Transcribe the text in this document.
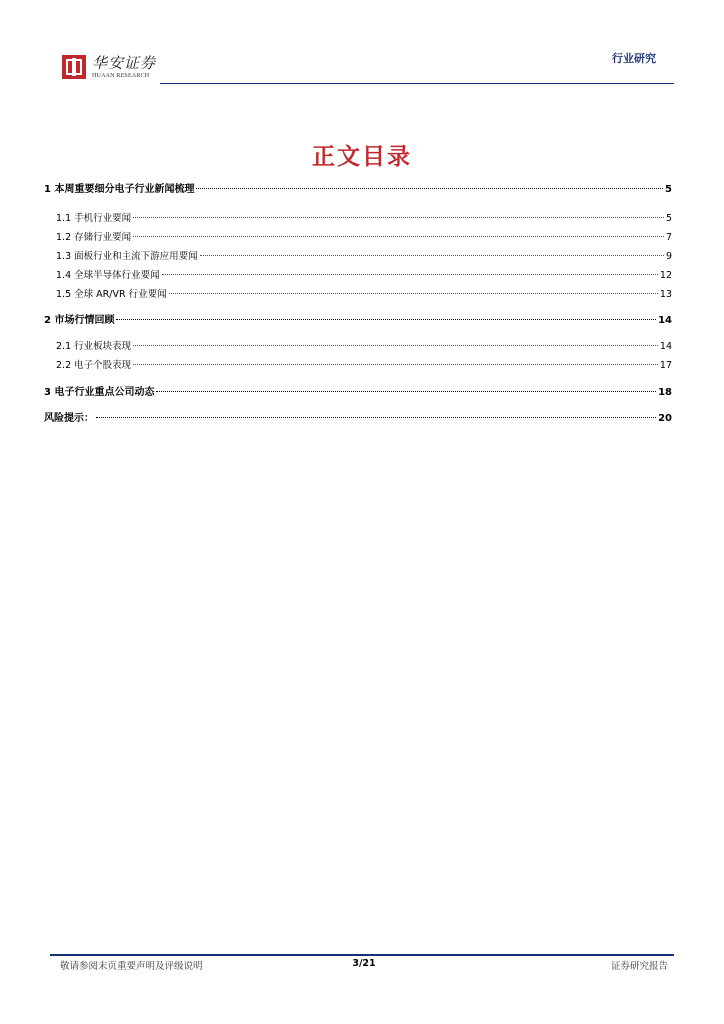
华安证券
HUAAN RESEARCH
行业研究
正文目录
1 本周重要细分电子行业新闻梳理	5
1.1 手机行业要闻	5
1.2 存储行业要闻	7
1.3 面板行业和主流下游应用要闻	9
1.4 全球半导体行业要闻	12
1.5 全球 AR/VR 行业要闻	13
2 市场行情回顾	14
2.1 行业板块表现	14
2.2 电子个股表现	17
3 电子行业重点公司动态	18
风险提示：	20
敬请参阅末页重要声明及评级说明	3/21	证券研究报告
